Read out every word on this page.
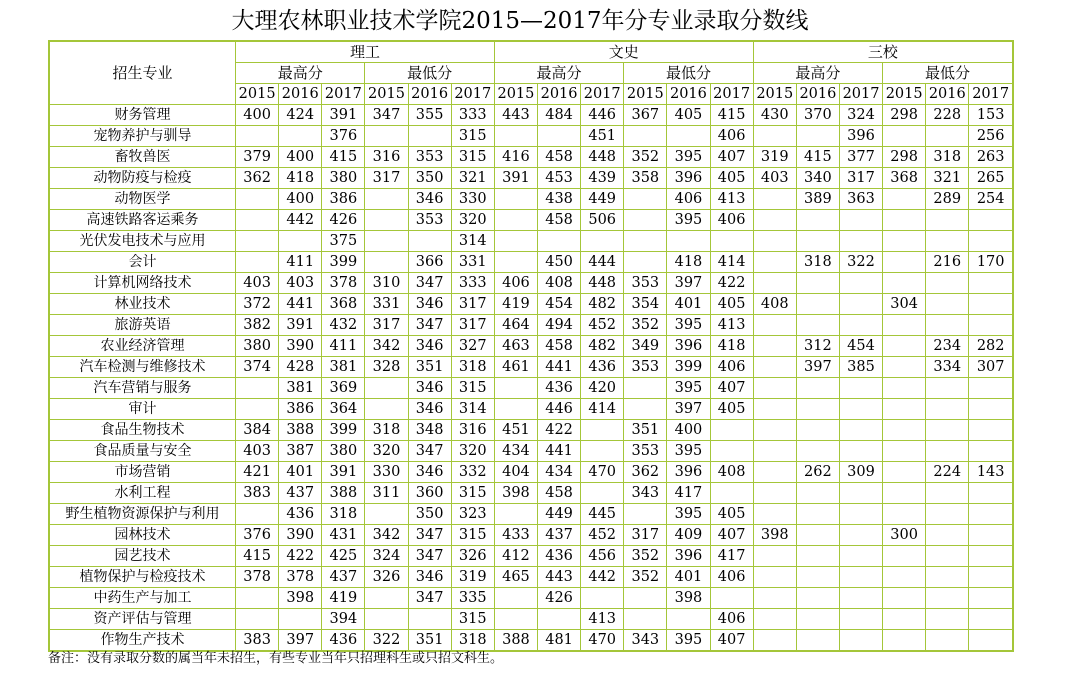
大理农林职业技术学院2015—2017年分专业录取分数线
招生专业	理工						文史						三校					
	最高分			最低分			最高分			最低分			最高分			最低分		
	2015	2016	2017	2015	2016	2017	2015	2016	2017	2015	2016	2017	2015	2016	2017	2015	2016	2017
财务管理	400	424	391	347	355	333	443	484	446	367	405	415	430	370	324	298	228	153
宠物养护与驯导			376			315			451			406			396			256
畜牧兽医	379	400	415	316	353	315	416	458	448	352	395	407	319	415	377	298	318	263
动物防疫与检疫	362	418	380	317	350	321	391	453	439	358	396	405	403	340	317	368	321	265
动物医学		400	386		346	330		438	449		406	413		389	363		289	254
高速铁路客运乘务		442	426		353	320		458	506		395	406						
光伏发电技术与应用			375			314												
会计		411	399		366	331		450	444		418	414		318	322		216	170
计算机网络技术	403	403	378	310	347	333	406	408	448	353	397	422						
林业技术	372	441	368	331	346	317	419	454	482	354	401	405	408			304		
旅游英语	382	391	432	317	347	317	464	494	452	352	395	413						
农业经济管理	380	390	411	342	346	327	463	458	482	349	396	418		312	454		234	282
汽车检测与维修技术	374	428	381	328	351	318	461	441	436	353	399	406		397	385		334	307
汽车营销与服务		381	369		346	315		436	420		395	407						
审计		386	364		346	314		446	414		397	405						
食品生物技术	384	388	399	318	348	316	451	422		351	400							
食品质量与安全	403	387	380	320	347	320	434	441		353	395							
市场营销	421	401	391	330	346	332	404	434	470	362	396	408		262	309		224	143
水利工程	383	437	388	311	360	315	398	458		343	417							
野生植物资源保护与利用		436	318		350	323		449	445		395	405						
园林技术	376	390	431	342	347	315	433	437	452	317	409	407	398			300		
园艺技术	415	422	425	324	347	326	412	436	456	352	396	417						
植物保护与检疫技术	378	378	437	326	346	319	465	443	442	352	401	406						
中药生产与加工		398	419		347	335		426			398							
资产评估与管理			394			315			413			406						
作物生产技术	383	397	436	322	351	318	388	481	470	343	395	407						
备注：没有录取分数的属当年未招生，有些专业当年只招理科生或只招文科生。
